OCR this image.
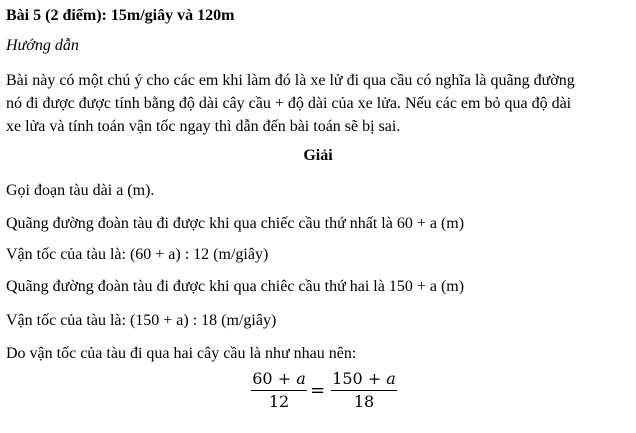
Bài 5 (2 điểm): 15m/giây và 120m
Hướng dẫn
Bài này có một chú ý cho các em khi làm đó là xe lử đi qua cầu có nghĩa là quãng đường
nó đi được được tính bằng độ dài cây cầu + độ dài của xe lửa. Nếu các em bỏ qua độ dài
xe lửa và tính toán vận tốc ngay thì dẫn đến bài toán sẽ bị sai.
Giải
Gọi đoạn tàu dài a (m).
Quãng đường đoàn tàu đi được khi qua chiếc cầu thứ nhất là 60 + a (m)
Vận tốc của tàu là: (60 + a) : 12 (m/giây)
Quãng đường đoàn tàu đi được khi qua chiêc cầu thứ hai là 150 + a (m)
Vận tốc của tàu là: (150 + a) : 18 (m/giây)
Do vận tốc của tàu đi qua hai cây cầu là như nhau nên:
60 + a
12
=
150 + a
18
